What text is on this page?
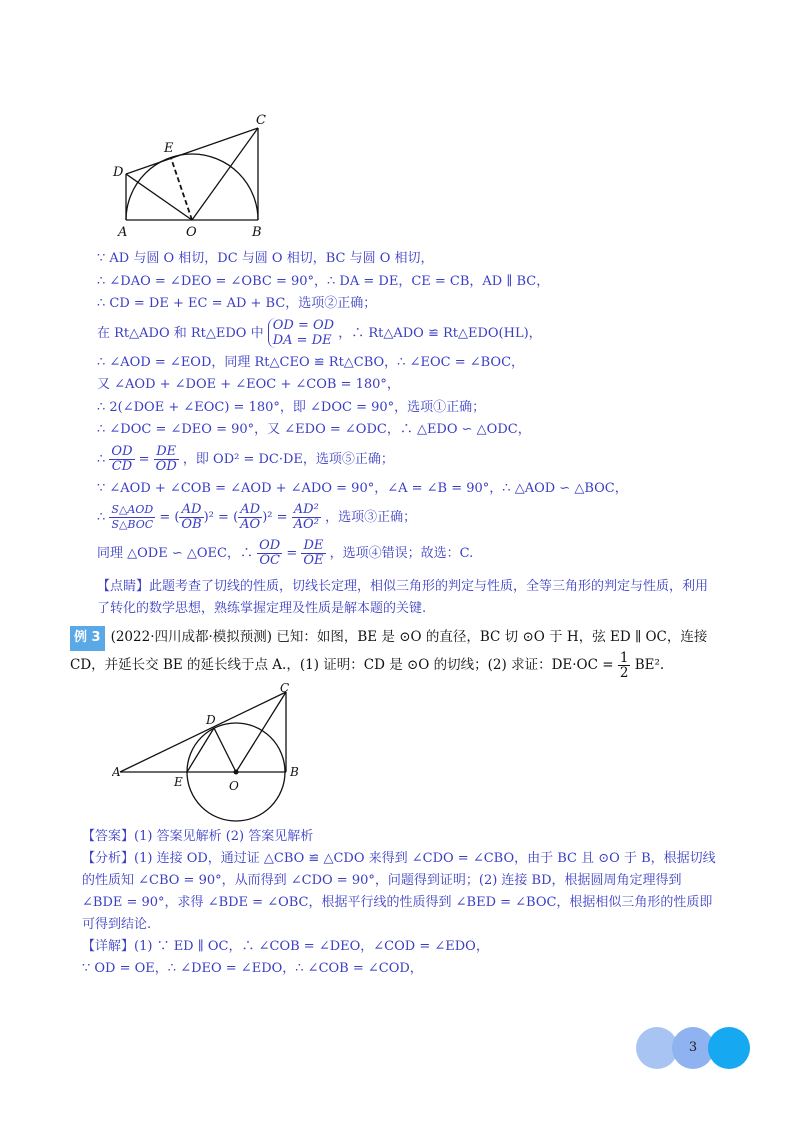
A	O	B
C
D
E
∵ AD 与圆 O 相切，DC 与圆 O 相切，BC 与圆 O 相切，
∴ ∠DAO = ∠DEO = ∠OBC = 90°，∴ DA = DE，CE = CB，AD ∥ BC，
∴ CD = DE + EC = AD + BC，选项②正确；
在 Rt△ADO 和 Rt△EDO 中 OD = OD
DA = DE ，∴ Rt△ADO ≌ Rt△EDO(HL)，
∴ ∠AOD = ∠EOD，同理 Rt△CEO ≌ Rt△CBO，∴ ∠EOC = ∠BOC，
又 ∠AOD + ∠DOE + ∠EOC + ∠COB = 180°，
∴ 2(∠DOE + ∠EOC) = 180°，即 ∠DOC = 90°，选项①正确；
∴ ∠DOC = ∠DEO = 90°，又 ∠EDO = ∠ODC，∴ △EDO ∽ △ODC，
∴ $\frac{OD}{CD} = \frac{DE}{OD}$ ，即 OD² = DC·DE，选项⑤正确；
∵ ∠AOD + ∠COB = ∠AOD + ∠ADO = 90°，∠A = ∠B = 90°，∴ △AOD ∽ △BOC，
∴ $\frac{\text{S△AOD}}{\text{S△BOC}}$ = ( $\frac{AD}{OB} )^2$ = ( $\frac{AD}{AO} )^2 = \frac{\text{AD²}}{\text{AO²}}$ ，选项③正确；
同理 △ODE ∽ △OEC，∴ $\frac{OD}{OC} = \frac{DE}{OE}$ ，选项④错误；故选：C.
【点睛】此题考查了切线的性质，切线长定理，相似三角形的判定与性质，全等三角形的判定与性质，利用了转化的数学思想，熟练掌握定理及性质是解本题的关键.
例 3 (2022·四川成都·模拟预测) 已知：如图，BE 是 ⊙O 的直径，BC 切 ⊙O 于 H，弦 ED ∥ OC，连接 CD，并延长交 BE 的延长线于点 A.，(1) 证明：CD 是 ⊙O 的切线；(2) 求证：$DE\cdot OC = \frac{1}{2} BE^2$.
A
E	O
B
C
D
【答案】(1) 答案见解析 (2) 答案见解析
【分析】(1) 连接 OD，通过证 △CBO ≌ △CDO 来得到 ∠CDO = ∠CBO，由于 BC 且 ⊙O 于 B，根据切线的性质知 ∠CBO = 90°，从而得到 ∠CDO = 90°，问题得到证明；(2) 连接 BD，根据圆周角定理得到 ∠BDE = 90°，求得 ∠BDE = ∠OBC，根据平行线的性质得到 ∠BED = ∠BOC，根据相似三角形的性质即可得到结论.
【详解】(1) ∵ ED ∥ OC，∴ ∠COB = ∠DEO，∠COD = ∠EDO，
∵ OD = OE，∴ ∠DEO = ∠EDO，∴ ∠COB = ∠COD，
3
